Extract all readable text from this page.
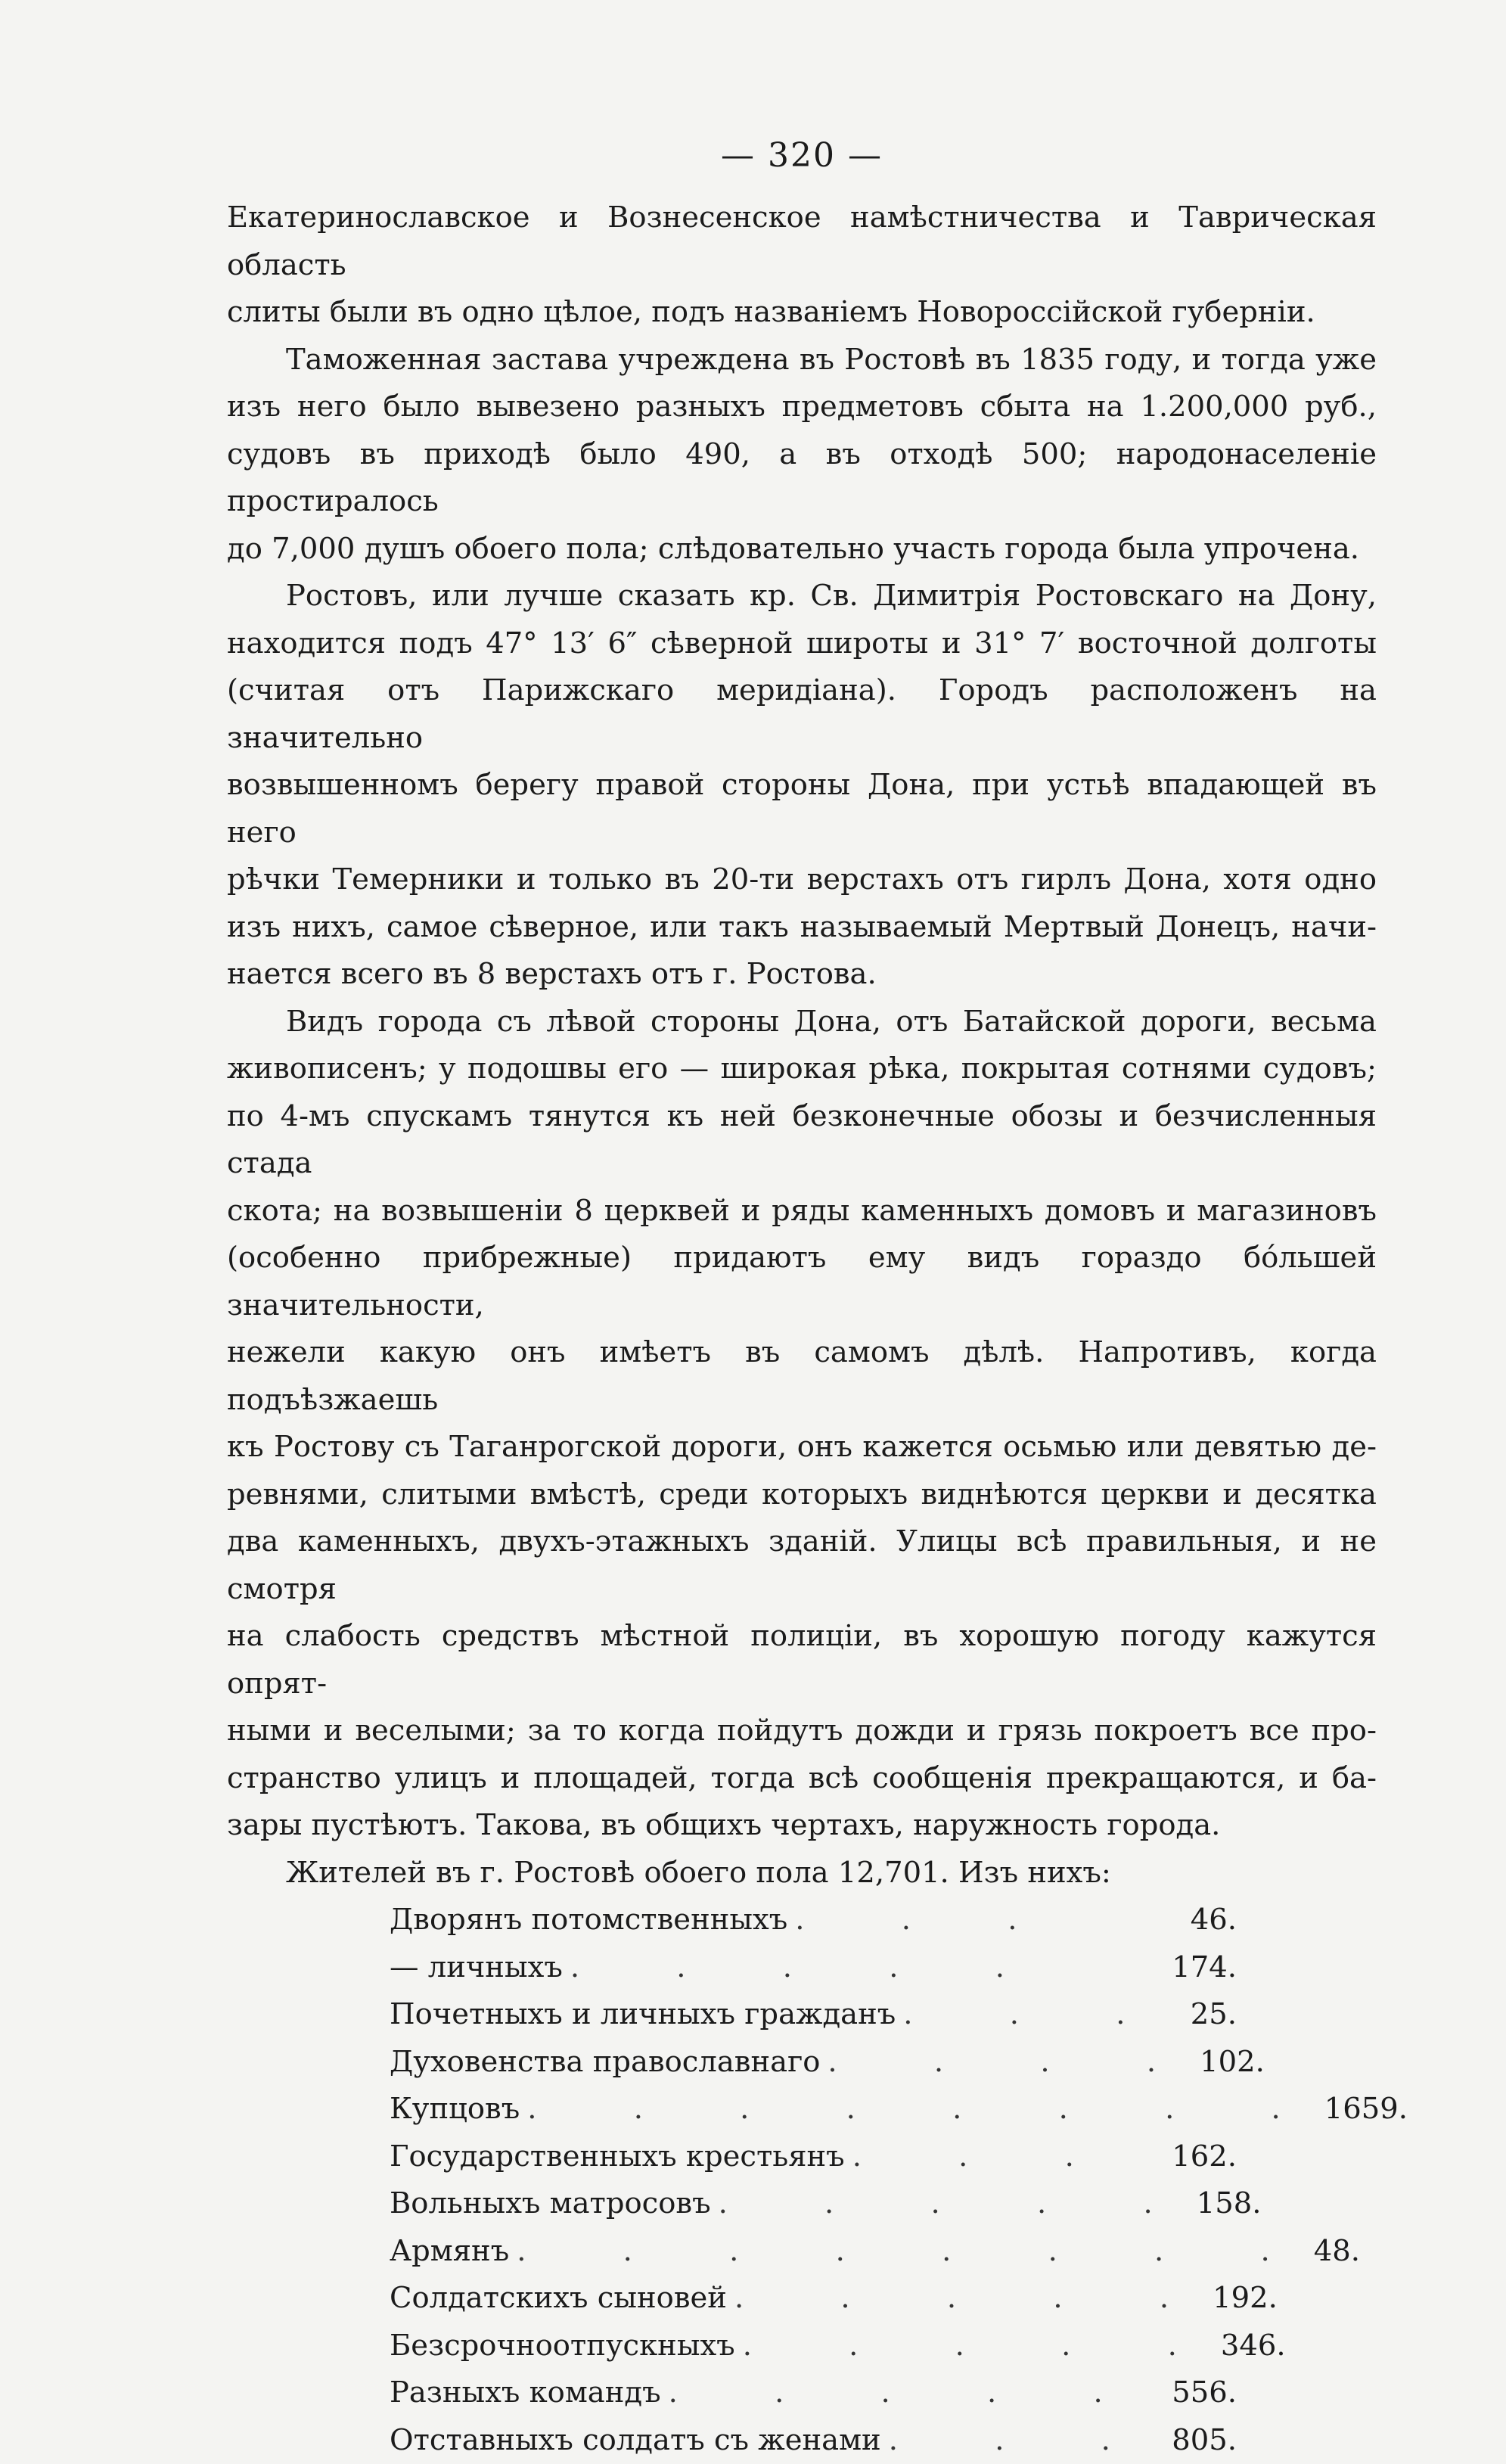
— 320 —

Екатеринославское и Вознесенское намѣстничества и Таврическая область
слиты были въ одно цѣлое, подъ названіемъ Новороссійской губерніи.

Таможенная застава учреждена въ Ростовѣ въ 1835 году, и тогда уже
изъ него было вывезено разныхъ предметовъ сбыта на 1.200,000 руб.,
судовъ въ приходѣ было 490, а въ отходѣ 500; народонаселеніе простиралось
до 7,000 душъ обоего пола; слѣдовательно участь города была упрочена.

Ростовъ, или лучше сказать кр. Св. Димитрія Ростовскаго на Дону,
находится подъ 47° 13′ 6″ сѣверной широты и 31° 7′ восточной долготы
(считая отъ Парижскаго меридіана). Городъ расположенъ на значительно
возвышенномъ берегу правой стороны Дона, при устьѣ впадающей въ него
рѣчки Темерники и только въ 20-ти верстахъ отъ гирлъ Дона, хотя одно
изъ нихъ, самое сѣверное, или такъ называемый Мертвый Донецъ, начи-
нается всего въ 8 верстахъ отъ г. Ростова.

Видъ города съ лѣвой стороны Дона, отъ Батайской дороги, весьма
живописенъ; у подошвы его — широкая рѣка, покрытая сотнями судовъ;
по 4-мъ спускамъ тянутся къ ней безконечные обозы и безчисленныя стада
скота; на возвышеніи 8 церквей и ряды каменныхъ домовъ и магазиновъ
(особенно прибрежные) придаютъ ему видъ гораздо бóльшей значительности,
нежели какую онъ имѣетъ въ самомъ дѣлѣ. Напротивъ, когда подъѣзжаешь
къ Ростову съ Таганрогской дороги, онъ кажется осьмью или девятью де-
ревнями, слитыми вмѣстѣ, среди которыхъ виднѣются церкви и десятка
два каменныхъ, двухъ-этажныхъ зданій. Улицы всѣ правильныя, и не смотря
на слабость средствъ мѣстной полиціи, въ хорошую погоду кажутся опрят-
ными и веселыми; за то когда пойдутъ дожди и грязь покроетъ все про-
странство улицъ и площадей, тогда всѣ сообщенія прекращаются, и ба-
зары пустѣютъ. Такова, въ общихъ чертахъ, наружность города.

Жителей въ г. Ростовѣ обоего пола 12,701. Изъ нихъ:

Дворянъ потомственныхъ . . .	46.
— личныхъ . . . . .	174.
Почетныхъ и личныхъ гражданъ . . . 25.
Духовенства православнаго . . . . 102.
Купцовъ . . . . . . . . 1659.
Государственныхъ крестьянъ . . .	162.
Вольныхъ матросовъ . . . . . 158.
Армянъ . . . . . . . . 48.
Солдатскихъ сыновей . . . . . 192.
Безсрочноотпускныхъ . . . . . 346.
Разныхъ командъ . . . . . 556.
Отставныхъ солдатъ съ женами . . . 805.
